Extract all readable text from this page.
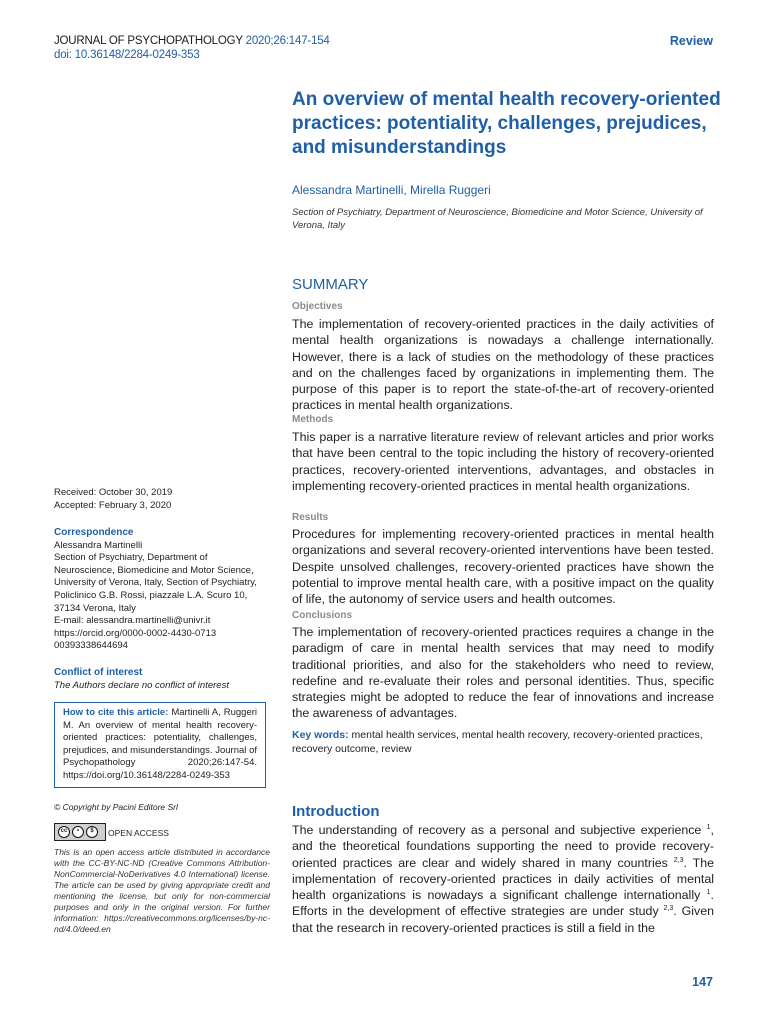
JOURNAL OF PSYCHOPATHOLOGY 2020;26:147-154
doi: 10.36148/2284-0249-353
Review
An overview of mental health recovery-oriented practices: potentiality, challenges, prejudices, and misunderstandings
Alessandra Martinelli, Mirella Ruggeri
Section of Psychiatry, Department of Neuroscience, Biomedicine and Motor Science, University of Verona, Italy
SUMMARY
Objectives
The implementation of recovery-oriented practices in the daily activities of mental health organizations is nowadays a challenge internationally. However, there is a lack of studies on the methodology of these practices and on the challenges faced by organizations in implementing them. The purpose of this paper is to report the state-of-the-art of recovery-oriented practices in mental health organizations.
Methods
This paper is a narrative literature review of relevant articles and prior works that have been central to the topic including the history of recovery-oriented practices, recovery-oriented interventions, advantages, and obstacles in implementing recovery-oriented practices in mental health organizations.
Results
Procedures for implementing recovery-oriented practices in mental health organizations and several recovery-oriented interventions have been tested. Despite unsolved challenges, recovery-oriented practices have shown the potential to improve mental health care, with a positive impact on the quality of life, the autonomy of service users and health outcomes.
Conclusions
The implementation of recovery-oriented practices requires a change in the paradigm of care in mental health services that may need to modify traditional priorities, and also for the stakeholders who need to review, redefine and re-evaluate their roles and personal identities. Thus, specific strategies might be adopted to reduce the fear of innovations and increase the awareness of advantages.
Key words: mental health services, mental health recovery, recovery-oriented practices, recovery outcome, review
Introduction
The understanding of recovery as a personal and subjective experience $^1$, and the theoretical foundations supporting the need to provide recovery-oriented practices are clear and widely shared in many countries $^{2,3}$. The implementation of recovery-oriented practices in daily activities of mental health organizations is nowadays a significant challenge internationally $^1$. Efforts in the development of effective strategies are under study $^{2,3}$. Given that the research in recovery-oriented practices is still a field in the
147
Received: October 30, 2019
Accepted: February 3, 2020
Correspondence
Alessandra Martinelli
Section of Psychiatry, Department of Neuroscience, Biomedicine and Motor Science, University of Verona, Italy, Section of Psychiatry, Policlinico G.B. Rossi, piazzale L.A. Scuro 10, 37134 Verona, Italy
E-mail: alessandra.martinelli@univr.it
https://orcid.org/0000-0002-4430-0713
00393338644694
Conflict of interest
The Authors declare no conflict of interest
How to cite this article: Martinelli A, Ruggeri M. An overview of mental health recovery-oriented practices: potentiality, challenges, prejudices, and misunderstandings. Journal of Psychopathology 2020;26:147-54. https://doi.org/10.36148/2284-0249-353
© Copyright by Pacini Editore Srl
cc	•	$	OPEN ACCESS
This is an open access article distributed in accordance with the CC-BY-NC-ND (Creative Commons Attribution-NonCommercial-NoDerivatives 4.0 International) license. The article can be used by giving appropriate credit and mentioning the license, but only for non-commercial purposes and only in the original version. For further information: https://creativecommons.org/licenses/by-nc-nd/4.0/deed.en
